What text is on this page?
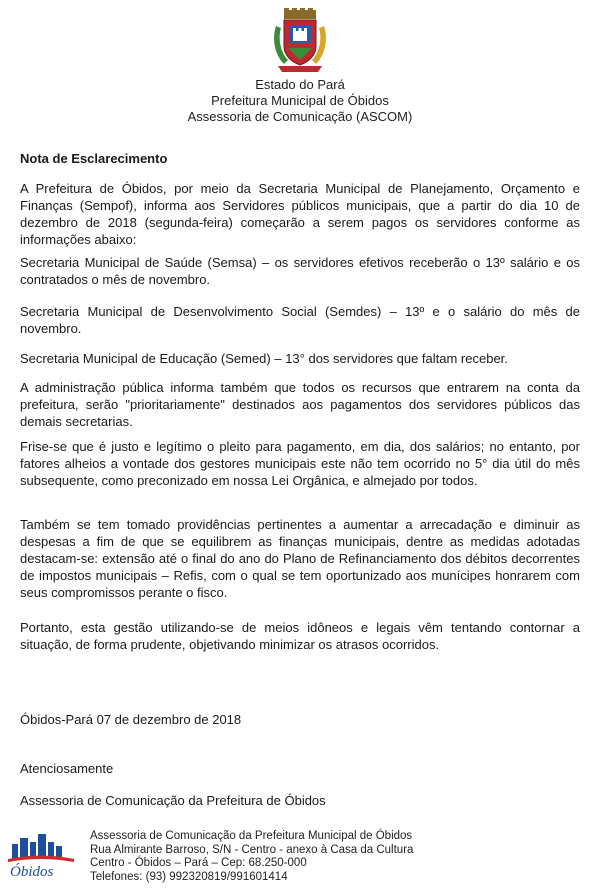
Estado do Pará
Prefeitura Municipal de Óbidos
Assessoria de Comunicação (ASCOM)

Nota de Esclarecimento

A Prefeitura de Óbidos, por meio da Secretaria Municipal de Planejamento, Orçamento e Finanças (Sempof), informa aos Servidores públicos municipais, que a partir do dia 10 de dezembro de 2018 (segunda-feira) começarão a serem pagos os servidores conforme as informações abaixo:

Secretaria Municipal de Saúde (Semsa) – os servidores efetivos receberão o 13º salário e os contratados o mês de novembro.

Secretaria Municipal de Desenvolvimento Social (Semdes) – 13º e o salário do mês de novembro.

Secretaria Municipal de Educação (Semed) – 13° dos servidores que faltam receber.

A administração pública informa também que todos os recursos que entrarem na conta da prefeitura, serão "prioritariamente" destinados aos pagamentos dos servidores públicos das demais secretarias.

Frise-se que é justo e legítimo o pleito para pagamento, em dia, dos salários; no entanto, por fatores alheios a vontade dos gestores municipais este não tem ocorrido no 5° dia útil do mês subsequente, como preconizado em nossa Lei Orgânica, e almejado por todos.

Também se tem tomado providências pertinentes a aumentar a arrecadação e diminuir as despesas a fim de que se equilibrem as finanças municipais, dentre as medidas adotadas destacam-se: extensão até o final do ano do Plano de Refinanciamento dos débitos decorrentes de impostos municipais – Refis, com o qual se tem oportunizado aos munícipes honrarem com seus compromissos perante o fisco.

Portanto, esta gestão utilizando-se de meios idôneos e legais vêm tentando contornar a situação, de forma prudente, objetivando minimizar os atrasos ocorridos.

Óbidos-Pará 07 de dezembro de 2018
Atenciosamente
Assessoria de Comunicação da Prefeitura de Óbidos
Óbidos
Assessoria de Comunicação da Prefeitura Municipal de Óbidos
Rua Almirante Barroso, S/N - Centro - anexo à Casa da Cultura
Centro - Óbidos – Pará – Cep: 68.250-000
Telefones: (93) 992320819/991601414
